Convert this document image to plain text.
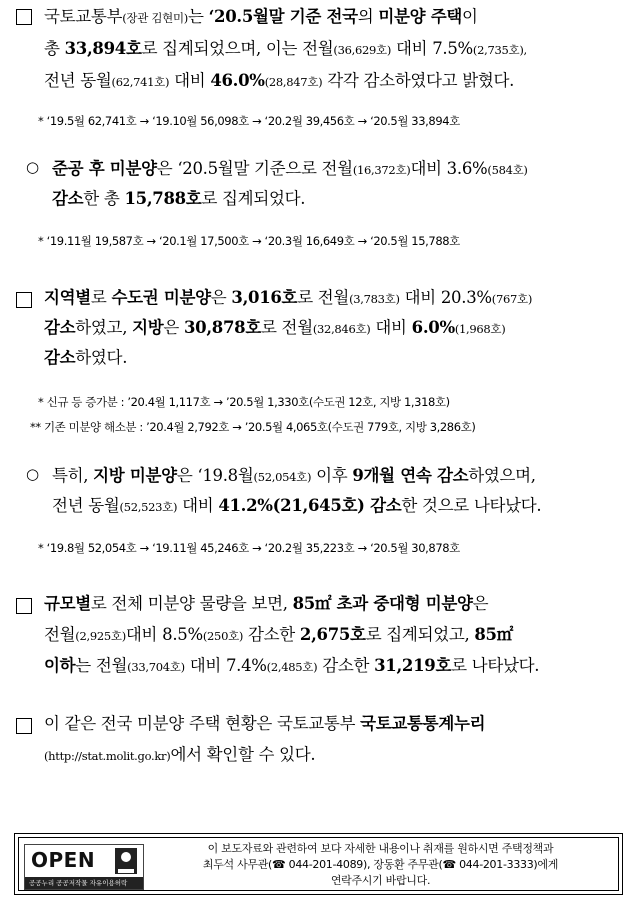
국토교통부(장관 김현미)는 ‘20.5월말 기준 전국의 미분양 주택이
총 33,894호로 집계되었으며, 이는 전월(36,629호) 대비 7.5%(2,735호),
전년 동월(62,741호) 대비 46.0%(28,847호) 각각 감소하였다고 밝혔다.
* ‘19.5월 62,741호 → ‘19.10월 56,098호 → ‘20.2월 39,456호 → ‘20.5월 33,894호
○ 준공 후 미분양은 ‘20.5월말 기준으로 전월(16,372호)대비 3.6%(584호)
감소한 총 15,788호로 집계되었다.
* ‘19.11월 19,587호 → ‘20.1월 17,500호 → ‘20.3월 16,649호 → ‘20.5월 15,788호
지역별로 수도권 미분양은 3,016호로 전월(3,783호) 대비 20.3%(767호)
감소하였고, 지방은 30,878호로 전월(32,846호) 대비 6.0%(1,968호)
감소하였다.
* 신규 등 증가분 : ’20.4월 1,117호 → ’20.5월 1,330호(수도권 12호, 지방 1,318호)
** 기존 미분양 해소분 : ’20.4월 2,792호 → ’20.5월 4,065호(수도권 779호, 지방 3,286호)
○ 특히, 지방 미분양은 ‘19.8월(52,054호) 이후 9개월 연속 감소하였으며,
전년 동월(52,523호) 대비 41.2%(21,645호) 감소한 것으로 나타났다.
* ‘19.8월 52,054호 → ‘19.11월 45,246호 → ‘20.2월 35,223호 → ‘20.5월 30,878호
규모별로 전체 미분양 물량을 보면, 85㎡ 초과 중대형 미분양은
전월(2,925호)대비 8.5%(250호) 감소한 2,675호로 집계되었고, 85㎡
이하는 전월(33,704호) 대비 7.4%(2,485호) 감소한 31,219호로 나타났다.
이 같은 전국 미분양 주택 현황은 국토교통부 국토교통통계누리
(http://stat.molit.go.kr)에서 확인할 수 있다.
OPEN
공공누리 공공저작물 자유이용허락
이 보도자료와 관련하여 보다 자세한 내용이나 취재를 원하시면 주택정책과
최두석 사무관(☎ 044-201-4089), 장동환 주무관(☎ 044-201-3333)에게
연락주시기 바랍니다.
